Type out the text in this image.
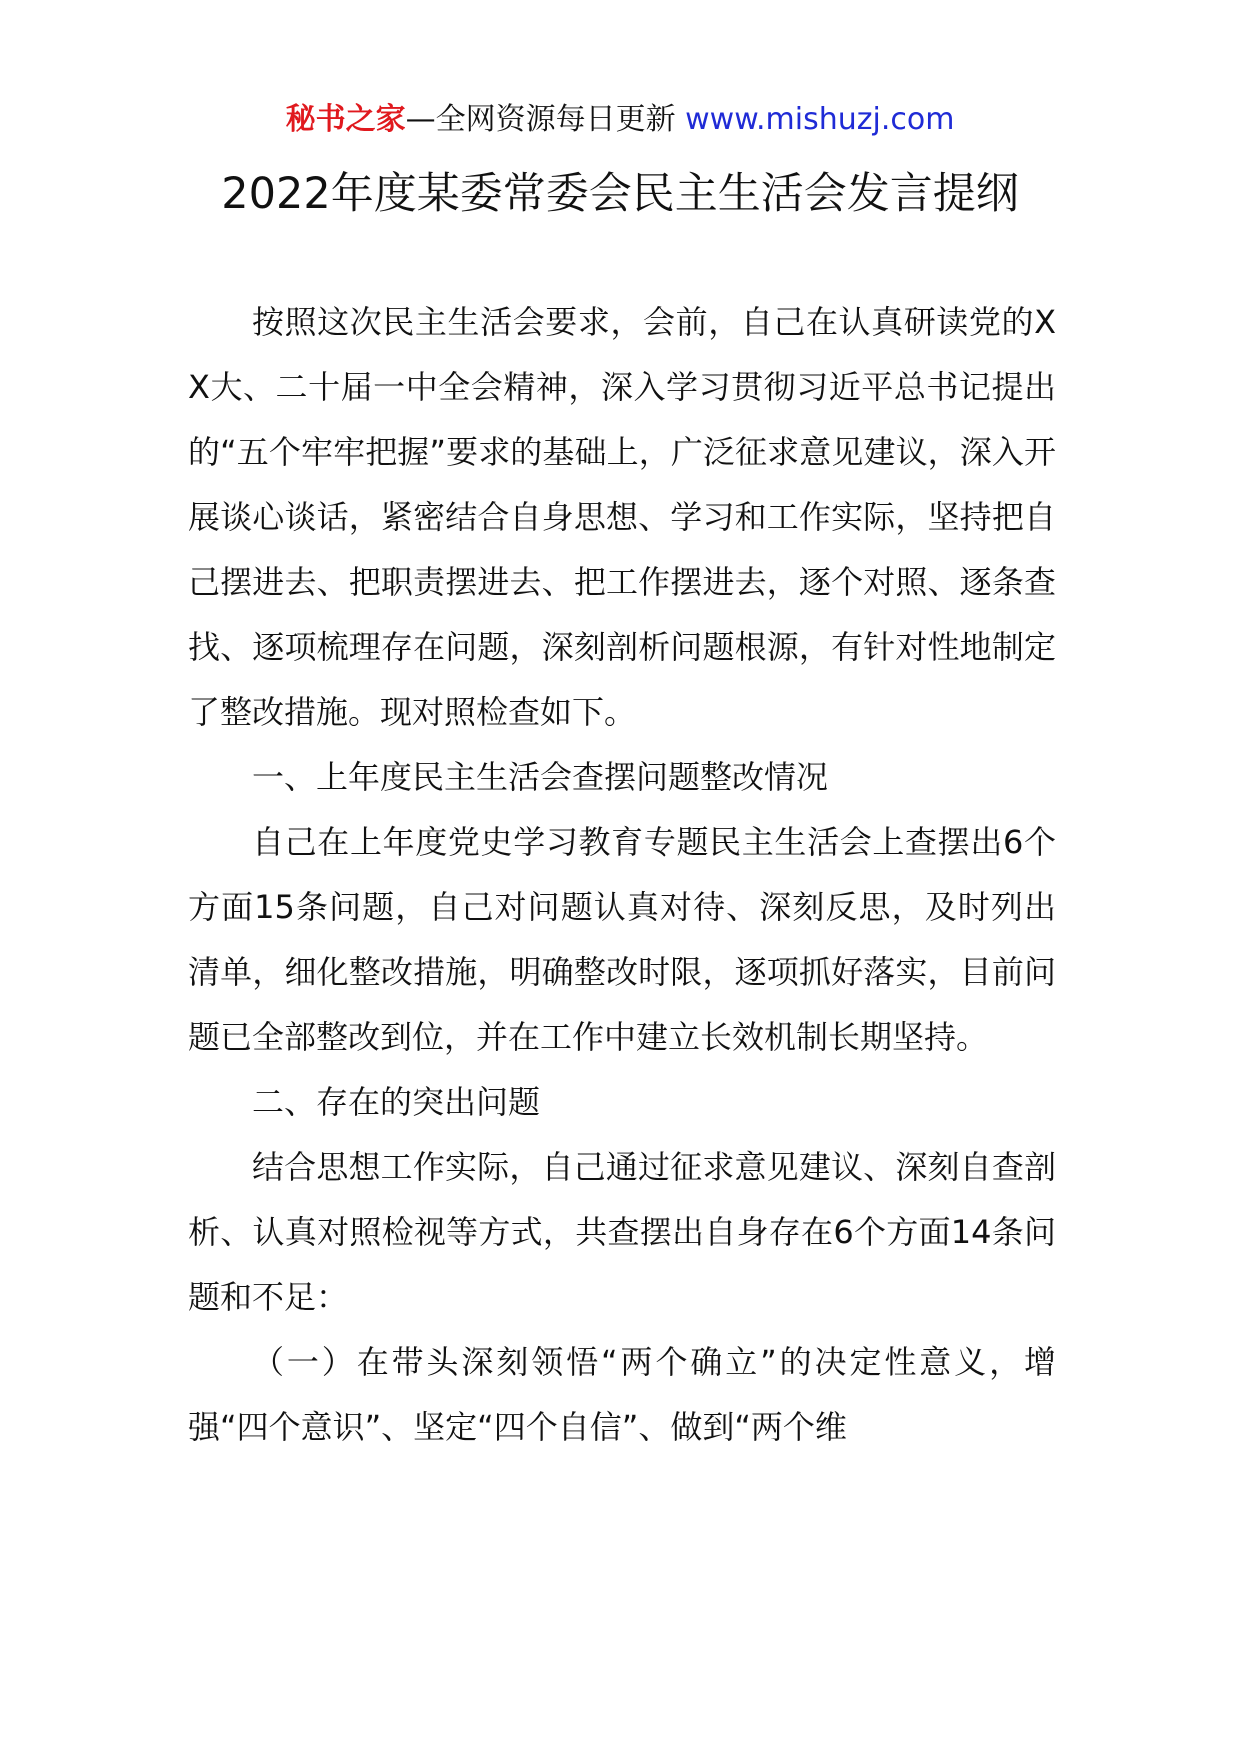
秘书之家—全网资源每日更新 www.mishuzj.com
2022年度某委常委会民主生活会发言提纲

按照这次民主生活会要求，会前，自己在认真研读党的XX大、二十届一中全会精神，深入学习贯彻习近平总书记提出的“五个牢牢把握”要求的基础上，广泛征求意见建议，深入开展谈心谈话，紧密结合自身思想、学习和工作实际，坚持把自己摆进去、把职责摆进去、把工作摆进去，逐个对照、逐条查找、逐项梳理存在问题，深刻剖析问题根源，有针对性地制定了整改措施。现对照检查如下。

一、上年度民主生活会查摆问题整改情况

自己在上年度党史学习教育专题民主生活会上查摆出6个方面15条问题，自己对问题认真对待、深刻反思，及时列出清单，细化整改措施，明确整改时限，逐项抓好落实，目前问题已全部整改到位，并在工作中建立长效机制长期坚持。

二、存在的突出问题

结合思想工作实际，自己通过征求意见建议、深刻自查剖析、认真对照检视等方式，共查摆出自身存在6个方面14条问题和不足：

（一）在带头深刻领悟“两个确立”的决定性意义，增强“四个意识”、坚定“四个自信”、做到“两个维
